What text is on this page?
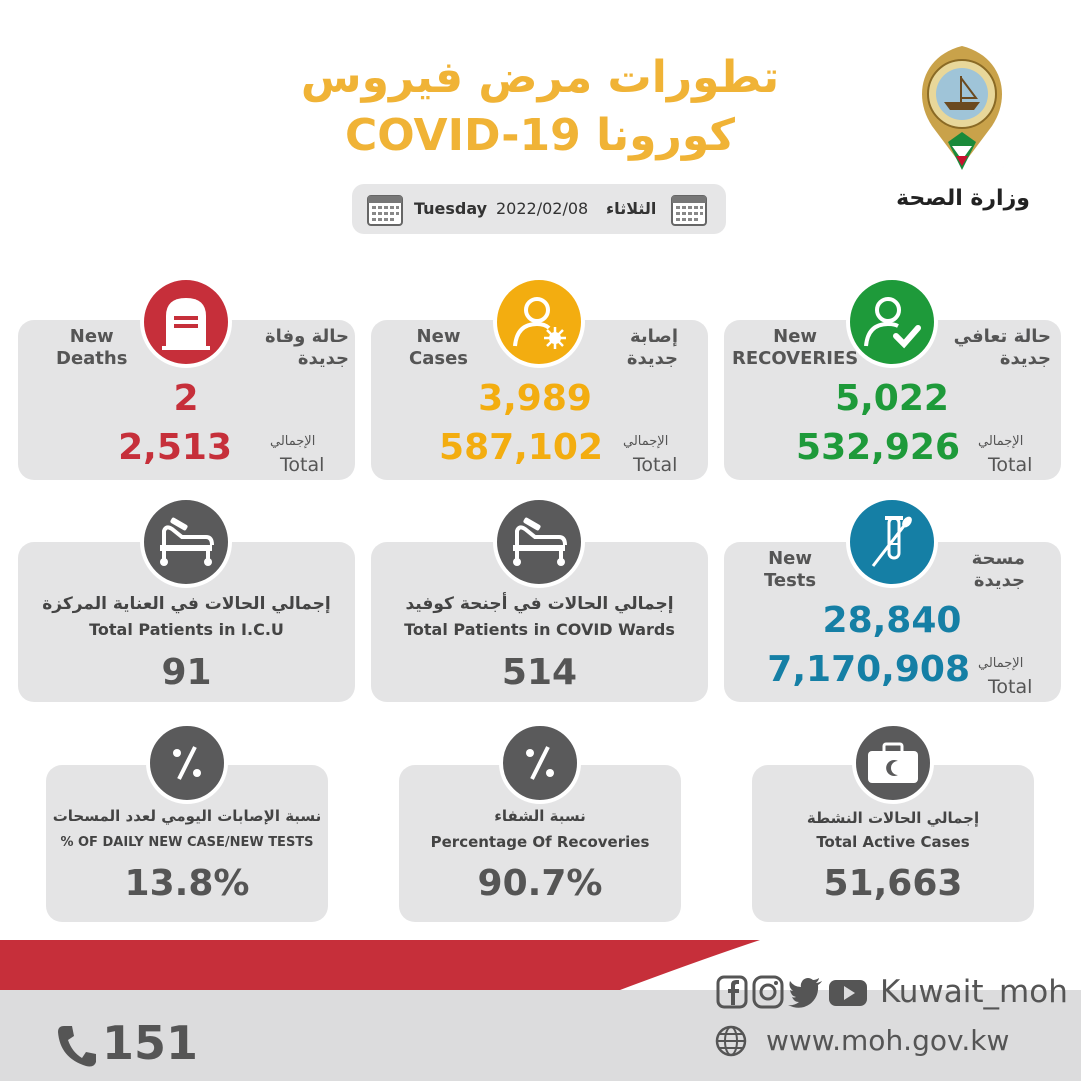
تطورات مرض فيروس
كورونا COVID-19
وزارة الصحة
الثلاثاء
2022/02/08
Tuesday
New
Deaths
حالة وفاة
جديدة
2
2,513	الإجمالي
Total
New
Cases
إصابة
جديدة
3,989
587,102 الإجمالي
Total
New
RECOVERIES
حالة تعافي
جديدة
5,022
532,926 الإجمالي
Total
إجمالي الحالات في العناية المركزة
Total Patients in I.C.U
91
إجمالي الحالات في أجنحة كوفيد
Total Patients in COVID Wards
514
New
Tests
مسحة
جديدة
28,840
7,170,908 الإجمالي
Total
نسبة الإصابات اليومي لعدد المسحات
% OF DAILY NEW CASE/NEW TESTS
13.8%
نسبة الشفاء
Percentage Of Recoveries
90.7%
إجمالي الحالات النشطة
Total Active Cases
51,663
Kuwait_moh
www.moh.gov.kw
151
